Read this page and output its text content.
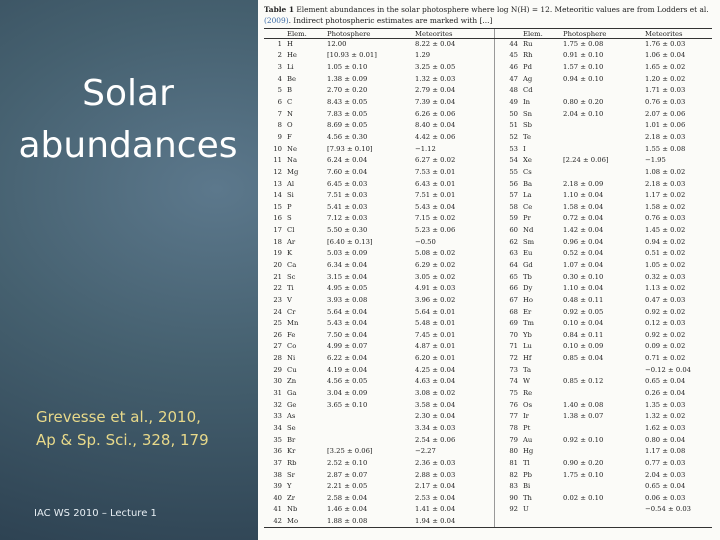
Solar
abundances
Grevesse et al., 2010,
Ap & Sp. Sci., 328, 179
IAC WS 2010 – Lecture 1
Table 1 Element abundances in the solar photosphere where log N(H) = 12. Meteoritic values are from Lodders et al. (2009). Indirect photospheric estimates are marked with [...]
	Elem.	Photosphere	Meteorites		Elem.	Photosphere	Meteorites
1	H	12.00	8.22 ± 0.04	44	Ru	1.75 ± 0.08	1.76 ± 0.03
2	He	[10.93 ± 0.01]	1.29	45	Rh	0.91 ± 0.10	1.06 ± 0.04
3	Li	1.05 ± 0.10	3.25 ± 0.05	46	Pd	1.57 ± 0.10	1.65 ± 0.02
4	Be	1.38 ± 0.09	1.32 ± 0.03	47	Ag	0.94 ± 0.10	1.20 ± 0.02
5	B	2.70 ± 0.20	2.79 ± 0.04	48	Cd		1.71 ± 0.03
6	C	8.43 ± 0.05	7.39 ± 0.04	49	In	0.80 ± 0.20	0.76 ± 0.03
7	N	7.83 ± 0.05	6.26 ± 0.06	50	Sn	2.04 ± 0.10	2.07 ± 0.06
8	O	8.69 ± 0.05	8.40 ± 0.04	51	Sb		1.01 ± 0.06
9	F	4.56 ± 0.30	4.42 ± 0.06	52	Te		2.18 ± 0.03
10	Ne	[7.93 ± 0.10]	−1.12	53	I		1.55 ± 0.08
11	Na	6.24 ± 0.04	6.27 ± 0.02	54	Xe	[2.24 ± 0.06]	−1.95
12	Mg	7.60 ± 0.04	7.53 ± 0.01	55	Cs		1.08 ± 0.02
13	Al	6.45 ± 0.03	6.43 ± 0.01	56	Ba	2.18 ± 0.09	2.18 ± 0.03
14	Si	7.51 ± 0.03	7.51 ± 0.01	57	La	1.10 ± 0.04	1.17 ± 0.02
15	P	5.41 ± 0.03	5.43 ± 0.04	58	Ce	1.58 ± 0.04	1.58 ± 0.02
16	S	7.12 ± 0.03	7.15 ± 0.02	59	Pr	0.72 ± 0.04	0.76 ± 0.03
17	Cl	5.50 ± 0.30	5.23 ± 0.06	60	Nd	1.42 ± 0.04	1.45 ± 0.02
18	Ar	[6.40 ± 0.13]	−0.50	62	Sm	0.96 ± 0.04	0.94 ± 0.02
19	K	5.03 ± 0.09	5.08 ± 0.02	63	Eu	0.52 ± 0.04	0.51 ± 0.02
20	Ca	6.34 ± 0.04	6.29 ± 0.02	64	Gd	1.07 ± 0.04	1.05 ± 0.02
21	Sc	3.15 ± 0.04	3.05 ± 0.02	65	Tb	0.30 ± 0.10	0.32 ± 0.03
22	Ti	4.95 ± 0.05	4.91 ± 0.03	66	Dy	1.10 ± 0.04	1.13 ± 0.02
23	V	3.93 ± 0.08	3.96 ± 0.02	67	Ho	0.48 ± 0.11	0.47 ± 0.03
24	Cr	5.64 ± 0.04	5.64 ± 0.01	68	Er	0.92 ± 0.05	0.92 ± 0.02
25	Mn	5.43 ± 0.04	5.48 ± 0.01	69	Tm	0.10 ± 0.04	0.12 ± 0.03
26	Fe	7.50 ± 0.04	7.45 ± 0.01	70	Yb	0.84 ± 0.11	0.92 ± 0.02
27	Co	4.99 ± 0.07	4.87 ± 0.01	71	Lu	0.10 ± 0.09	0.09 ± 0.02
28	Ni	6.22 ± 0.04	6.20 ± 0.01	72	Hf	0.85 ± 0.04	0.71 ± 0.02
29	Cu	4.19 ± 0.04	4.25 ± 0.04	73	Ta		−0.12 ± 0.04
30	Zn	4.56 ± 0.05	4.63 ± 0.04	74	W	0.85 ± 0.12	0.65 ± 0.04
31	Ga	3.04 ± 0.09	3.08 ± 0.02	75	Re		0.26 ± 0.04
32	Ge	3.65 ± 0.10	3.58 ± 0.04	76	Os	1.40 ± 0.08	1.35 ± 0.03
33	As		2.30 ± 0.04	77	Ir	1.38 ± 0.07	1.32 ± 0.02
34	Se		3.34 ± 0.03	78	Pt		1.62 ± 0.03
35	Br		2.54 ± 0.06	79	Au	0.92 ± 0.10	0.80 ± 0.04
36	Kr	[3.25 ± 0.06]	−2.27	80	Hg		1.17 ± 0.08
37	Rb	2.52 ± 0.10	2.36 ± 0.03	81	Tl	0.90 ± 0.20	0.77 ± 0.03
38	Sr	2.87 ± 0.07	2.88 ± 0.03	82	Pb	1.75 ± 0.10	2.04 ± 0.03
39	Y	2.21 ± 0.05	2.17 ± 0.04	83	Bi		0.65 ± 0.04
40	Zr	2.58 ± 0.04	2.53 ± 0.04	90	Th	0.02 ± 0.10	0.06 ± 0.03
41	Nb	1.46 ± 0.04	1.41 ± 0.04	92	U		−0.54 ± 0.03
42	Mo	1.88 ± 0.08	1.94 ± 0.04				
